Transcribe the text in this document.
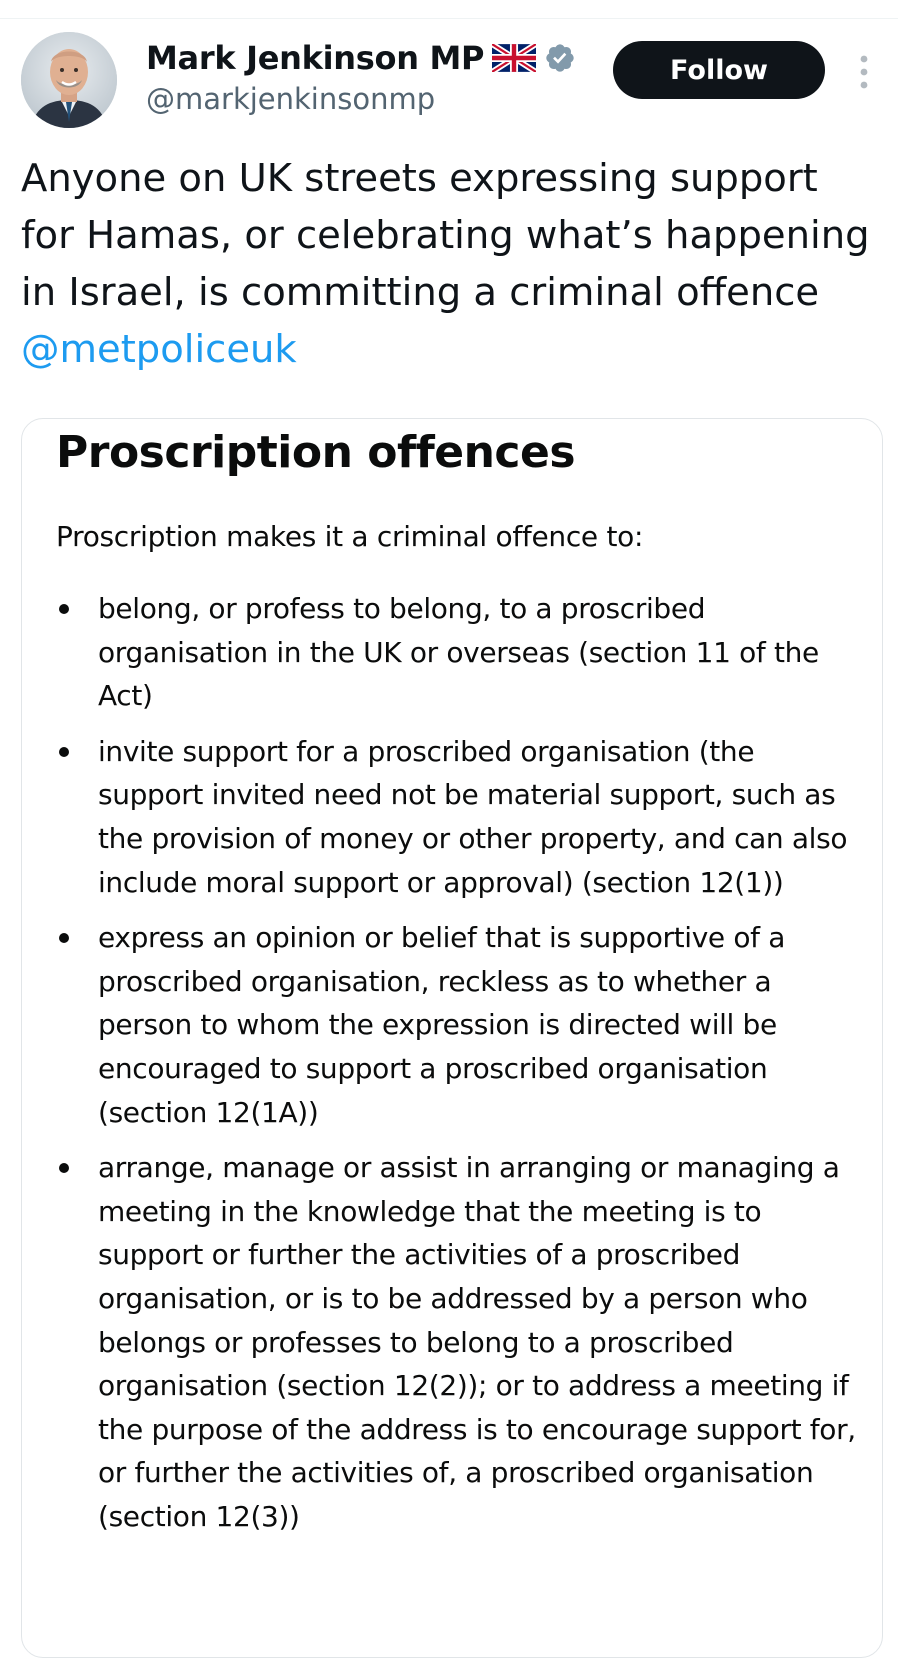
Mark Jenkinson MP
@markjenkinsonmp
Follow
Anyone on UK streets expressing support for Hamas, or celebrating what’s happening in Israel, is committing a criminal offence @metpoliceuk
Proscription offences
Proscription makes it a criminal offence to:
belong, or profess to belong, to a proscribed organisation in the UK or overseas (section 11 of the Act)
invite support for a proscribed organisation (the support invited need not be material support, such as the provision of money or other property, and can also include moral support or approval) (section 12(1))
express an opinion or belief that is supportive of a proscribed organisation, reckless as to whether a person to whom the expression is directed will be encouraged to support a proscribed organisation (section 12(1A))
arrange, manage or assist in arranging or managing a meeting in the knowledge that the meeting is to support or further the activities of a proscribed organisation, or is to be addressed by a person who belongs or professes to belong to a proscribed organisation (section 12(2)); or to address a meeting if the purpose of the address is to encourage support for, or further the activities of, a proscribed organisation (section 12(3))
